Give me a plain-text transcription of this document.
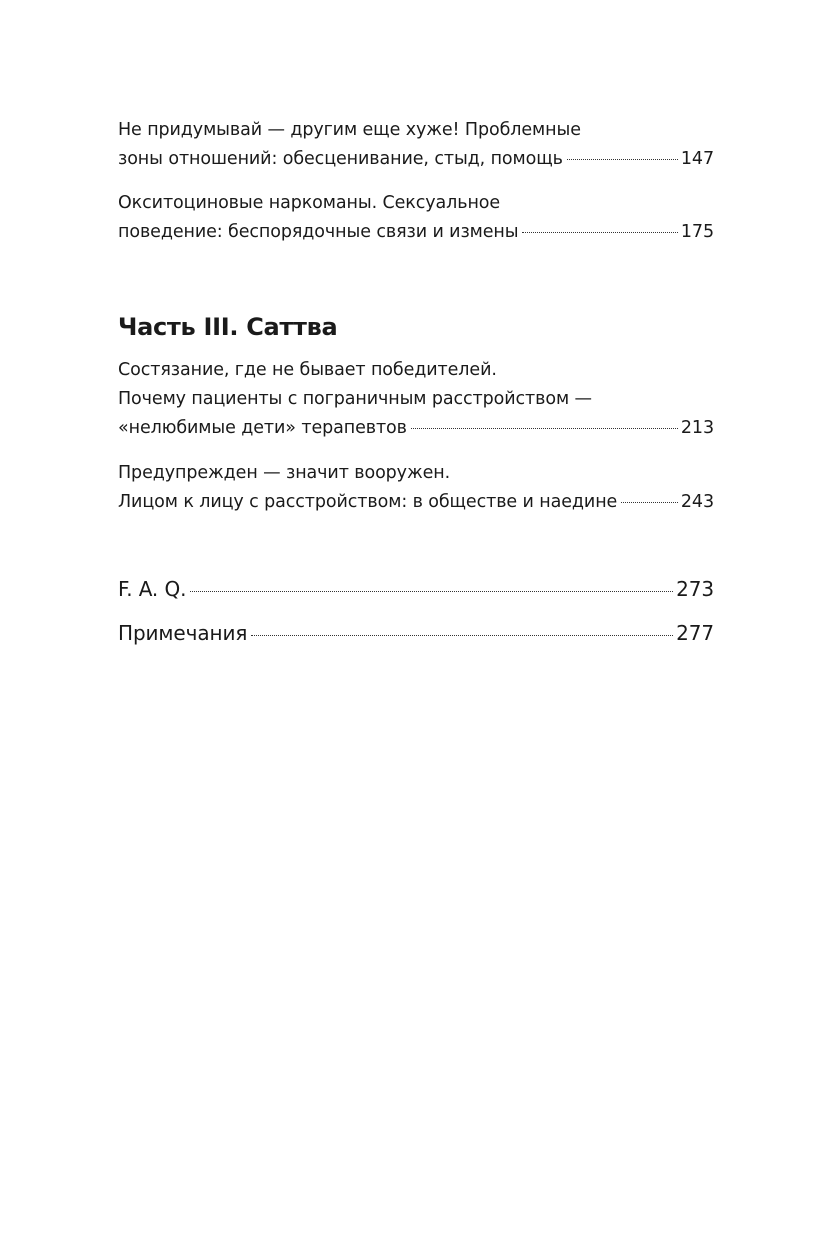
Не придумывай — другим еще хуже! Проблемные
зоны отношений: обесценивание, стыд, помощь	147
Окситоциновые наркоманы. Сексуальное
поведение: беспорядочные связи и измены	175
Часть III. Саттва
Состязание, где не бывает победителей.
Почему пациенты с пограничным расстройством —
«нелюбимые дети» терапевтов	213
Предупрежден — значит вооружен.
Лицом к лицу с расстройством: в обществе и наедине	243
F. A. Q.	273
Примечания	277
